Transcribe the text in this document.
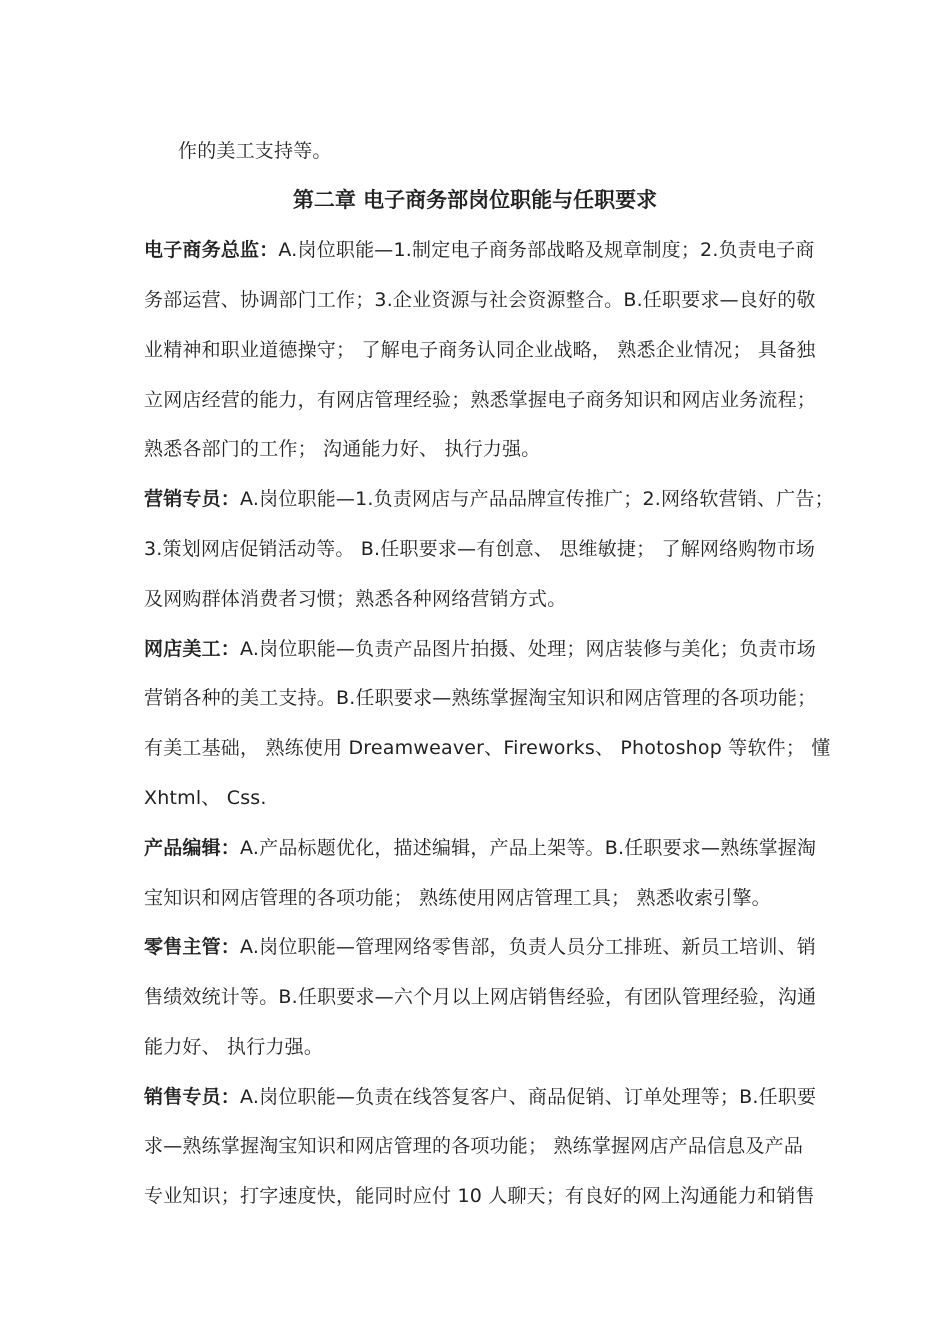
作的美工支持等。
第二章 电子商务部岗位职能与任职要求
电子商务总监：A.岗位职能—1.制定电子商务部战略及规章制度；2.负责电子商
务部运营、协调部门工作；3.企业资源与社会资源整合。B.任职要求—良好的敬
业精神和职业道德操守； 了解电子商务认同企业战略， 熟悉企业情况； 具备独
立网店经营的能力，有网店管理经验；熟悉掌握电子商务知识和网店业务流程；
熟悉各部门的工作； 沟通能力好、 执行力强。
营销专员：A.岗位职能—1.负责网店与产品品牌宣传推广；2.网络软营销、广告；
3.策划网店促销活动等。 B.任职要求—有创意、 思维敏捷； 了解网络购物市场
及网购群体消费者习惯；熟悉各种网络营销方式。
网店美工：A.岗位职能—负责产品图片拍摄、处理；网店装修与美化；负责市场
营销各种的美工支持。B.任职要求—熟练掌握淘宝知识和网店管理的各项功能；
有美工基础， 熟练使用 Dreamweaver、Fireworks、 Photoshop 等软件； 懂
Xhtml、 Css.
产品编辑：A.产品标题优化，描述编辑，产品上架等。B.任职要求—熟练掌握淘
宝知识和网店管理的各项功能； 熟练使用网店管理工具； 熟悉收索引擎。
零售主管：A.岗位职能—管理网络零售部，负责人员分工排班、新员工培训、销
售绩效统计等。B.任职要求—六个月以上网店销售经验，有团队管理经验，沟通
能力好、 执行力强。
销售专员：A.岗位职能—负责在线答复客户、商品促销、订单处理等；B.任职要
求—熟练掌握淘宝知识和网店管理的各项功能； 熟练掌握网店产品信息及产品
专业知识；打字速度快，能同时应付 10 人聊天；有良好的网上沟通能力和销售
